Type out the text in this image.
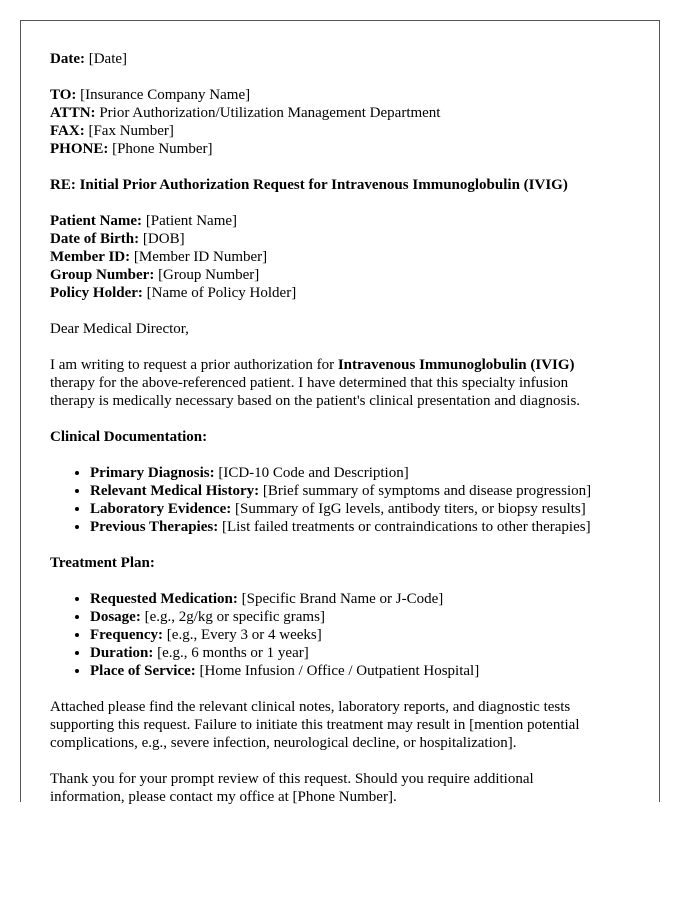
Date: [Date]

TO: [Insurance Company Name]
ATTN: Prior Authorization/Utilization Management Department
FAX: [Fax Number]
PHONE: [Phone Number]

RE: Initial Prior Authorization Request for Intravenous Immunoglobulin (IVIG)

Patient Name: [Patient Name]
Date of Birth: [DOB]
Member ID: [Member ID Number]
Group Number: [Group Number]
Policy Holder: [Name of Policy Holder]

Dear Medical Director,

I am writing to request a prior authorization for Intravenous Immunoglobulin (IVIG)
therapy for the above-referenced patient. I have determined that this specialty infusion
therapy is medically necessary based on the patient's clinical presentation and diagnosis.

Clinical Documentation:

• Primary Diagnosis: [ICD-10 Code and Description]
• Relevant Medical History: [Brief summary of symptoms and disease progression]
• Laboratory Evidence: [Summary of IgG levels, antibody titers, or biopsy results]
• Previous Therapies: [List failed treatments or contraindications to other therapies]

Treatment Plan:

• Requested Medication: [Specific Brand Name or J-Code]
• Dosage: [e.g., 2g/kg or specific grams]
• Frequency: [e.g., Every 3 or 4 weeks]
• Duration: [e.g., 6 months or 1 year]
• Place of Service: [Home Infusion / Office / Outpatient Hospital]
Attached please find the relevant clinical notes, laboratory reports, and diagnostic tests
supporting this request. Failure to initiate this treatment may result in [mention potential
complications, e.g., severe infection, neurological decline, or hospitalization].
Thank you for your prompt review of this request. Should you require additional
information, please contact my office at [Phone Number].
